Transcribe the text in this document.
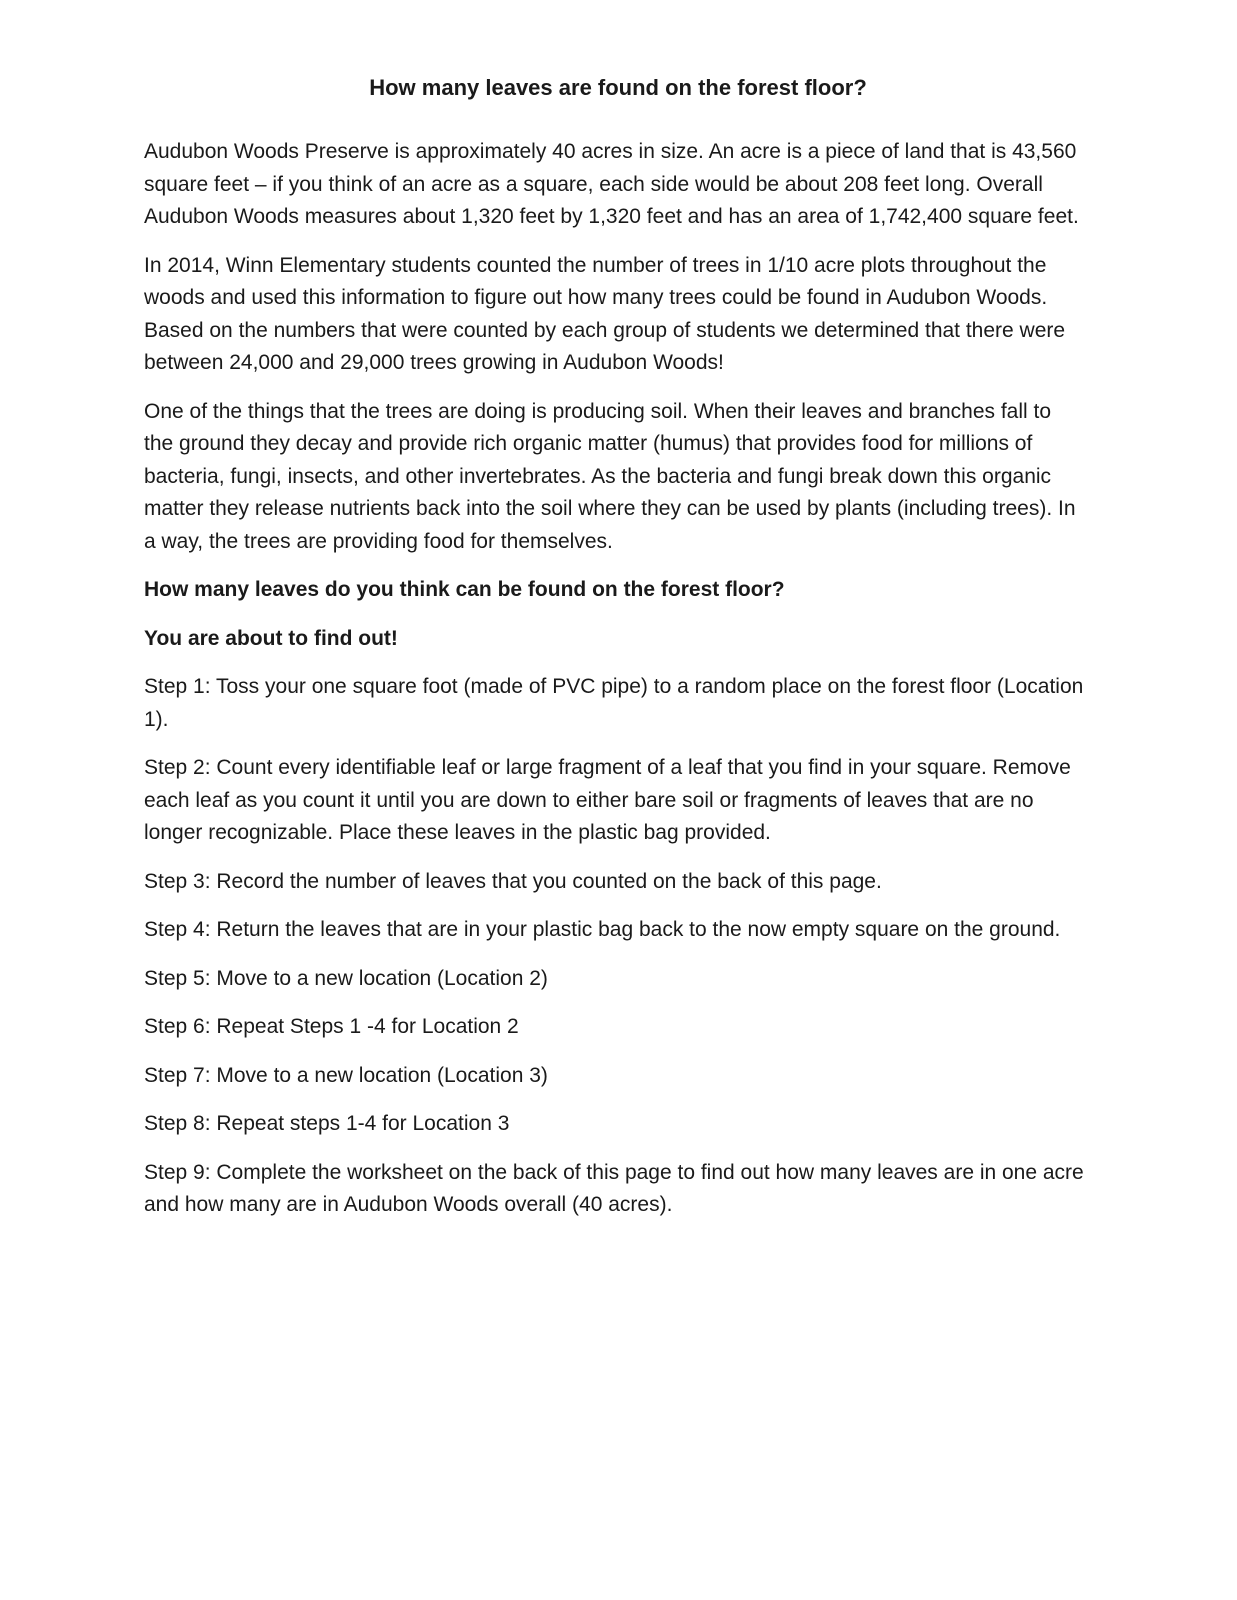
How many leaves are found on the forest floor?

Audubon Woods Preserve is approximately 40 acres in size. An acre is a piece of land that is 43,560 square feet – if you think of an acre as a square, each side would be about 208 feet long. Overall Audubon Woods measures about 1,320 feet by 1,320 feet and has an area of 1,742,400 square feet.

In 2014, Winn Elementary students counted the number of trees in 1/10 acre plots throughout the woods and used this information to figure out how many trees could be found in Audubon Woods. Based on the numbers that were counted by each group of students we determined that there were between 24,000 and 29,000 trees growing in Audubon Woods!

One of the things that the trees are doing is producing soil. When their leaves and branches fall to the ground they decay and provide rich organic matter (humus) that provides food for millions of bacteria, fungi, insects, and other invertebrates. As the bacteria and fungi break down this organic matter they release nutrients back into the soil where they can be used by plants (including trees). In a way, the trees are providing food for themselves.

How many leaves do you think can be found on the forest floor?

You are about to find out!

Step 1: Toss your one square foot (made of PVC pipe) to a random place on the forest floor (Location 1).

Step 2: Count every identifiable leaf or large fragment of a leaf that you find in your square. Remove each leaf as you count it until you are down to either bare soil or fragments of leaves that are no longer recognizable. Place these leaves in the plastic bag provided.

Step 3: Record the number of leaves that you counted on the back of this page.

Step 4: Return the leaves that are in your plastic bag back to the now empty square on the ground.

Step 5: Move to a new location (Location 2)

Step 6: Repeat Steps 1 -4 for Location 2

Step 7: Move to a new location (Location 3)

Step 8: Repeat steps 1-4 for Location 3

Step 9: Complete the worksheet on the back of this page to find out how many leaves are in one acre and how many are in Audubon Woods overall (40 acres).
